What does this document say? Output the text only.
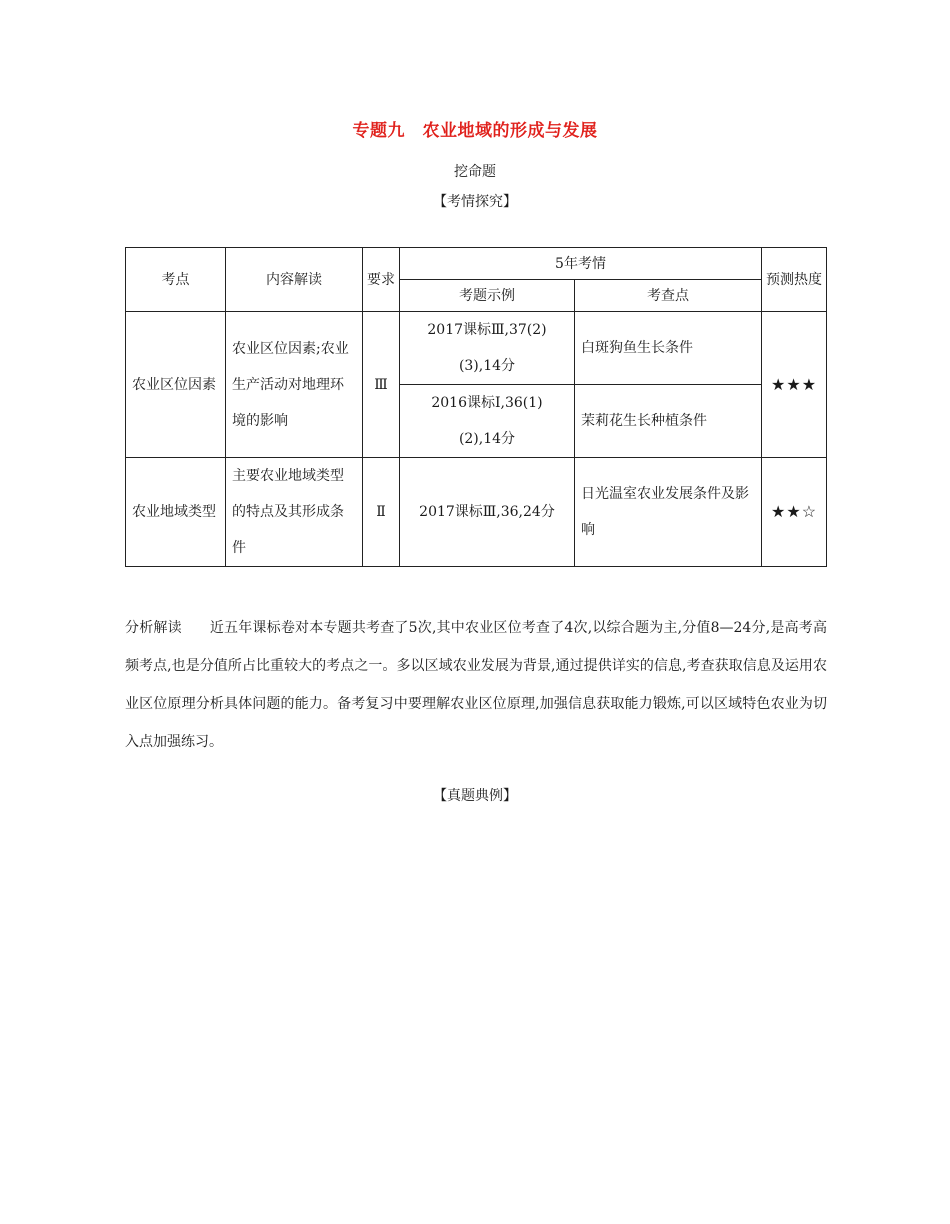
专题九　农业地域的形成与发展
挖命题
【考情探究】
考点	内容解读	要求	5年考情		预测热度
			考题示例	考查点	
农业区位因素	农业区位因素;农业生产活动对地理环境的影响	Ⅲ	2017课标Ⅲ,37(2)(3),14分	白斑狗鱼生长条件	★★★
			2016课标Ⅰ,36(1)(2),14分	茉莉花生长种植条件	
农业地域类型	主要农业地域类型的特点及其形成条件	Ⅱ	2017课标Ⅲ,36,24分	日光温室农业发展条件及影响	★★☆
分析解读 近五年课标卷对本专题共考查了5次,其中农业区位考查了4次,以综合题为主,分值8—24分,是高考高频考点,也是分值所占比重较大的考点之一。多以区域农业发展为背景,通过提供详实的信息,考查获取信息及运用农业区位原理分析具体问题的能力。备考复习中要理解农业区位原理,加强信息获取能力锻炼,可以区域特色农业为切入点加强练习。
【真题典例】
